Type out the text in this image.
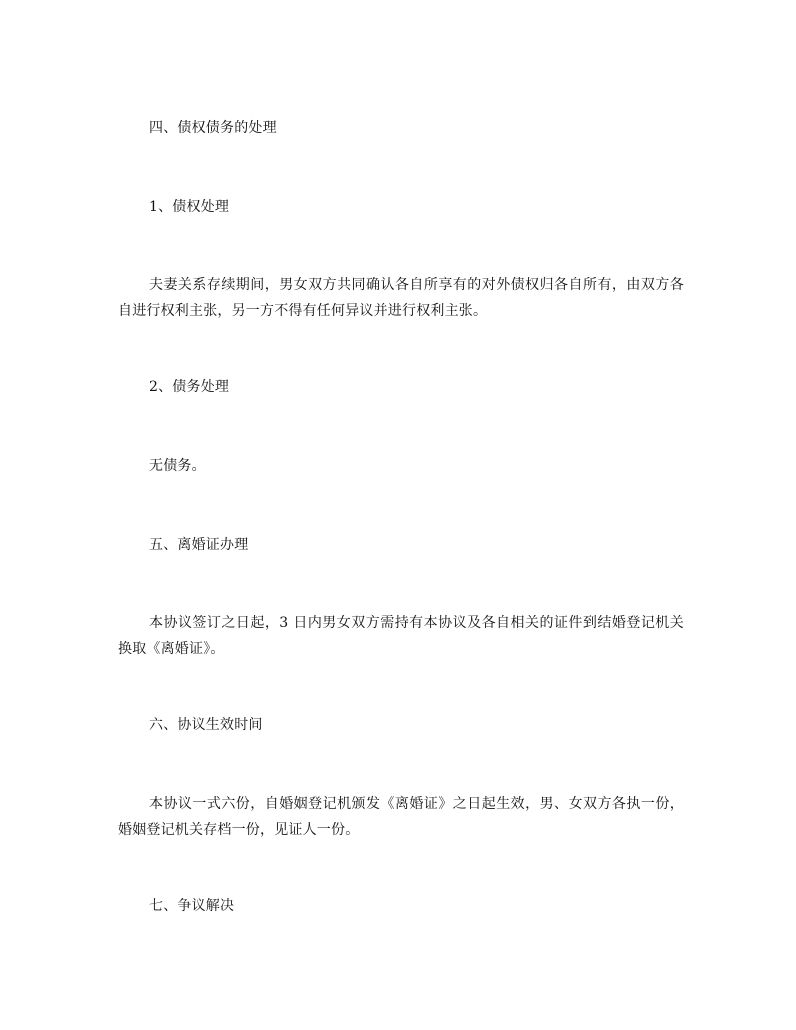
四、债权债务的处理
1、债权处理
夫妻关系存续期间，男女双方共同确认各自所享有的对外债权归各自所有，由双方各自进行权利主张，另一方不得有任何异议并进行权利主张。
2、债务处理
无债务。
五、离婚证办理
本协议签订之日起，3 日内男女双方需持有本协议及各自相关的证件到结婚登记机关换取《离婚证》。
六、协议生效时间
本协议一式六份，自婚姻登记机颁发《离婚证》之日起生效，男、女双方各执一份，婚姻登记机关存档一份，见证人一份。
七、争议解决
